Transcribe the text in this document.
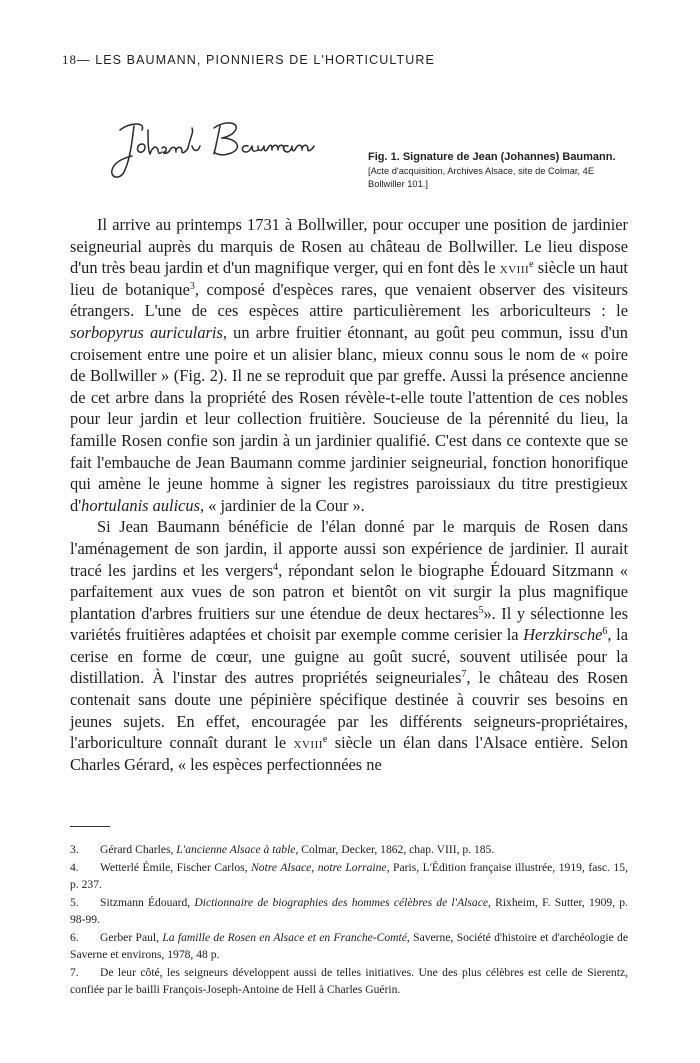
18— LES BAUMANN, PIONNIERS DE L'HORTICULTURE
Fig. 1. Signature de Jean (Johannes) Baumann.
[Acte d'acquisition, Archives Alsace, site de Colmar, 4E Bollwiller 101.]

Il arrive au printemps 1731 à Bollwiller, pour occuper une position de jardinier seigneurial auprès du marquis de Rosen au château de Bollwiller. Le lieu dispose d'un très beau jardin et d'un magnifique verger, qui en font dès le xviii$^e$ siècle un haut lieu de botanique$^3$, composé d'espèces rares, que venaient observer des visiteurs étrangers. L'une de ces espèces attire particulièrement les arboriculteurs : le sorbopyrus auricularis, un arbre fruitier étonnant, au goût peu commun, issu d'un croisement entre une poire et un alisier blanc, mieux connu sous le nom de « poire de Bollwiller » (Fig. 2). Il ne se reproduit que par greffe. Aussi la présence ancienne de cet arbre dans la propriété des Rosen révèle-t-elle toute l'attention de ces nobles pour leur jardin et leur collection fruitière. Soucieuse de la pérennité du lieu, la famille Rosen confie son jardin à un jardinier qualifié. C'est dans ce contexte que se fait l'embauche de Jean Baumann comme jardinier seigneurial, fonction honorifique qui amène le jeune homme à signer les registres paroissiaux du titre prestigieux d'hortulanis aulicus, « jardinier de la Cour ».

Si Jean Baumann bénéficie de l'élan donné par le marquis de Rosen dans l'aménagement de son jardin, il apporte aussi son expérience de jardinier. Il aurait tracé les jardins et les vergers$^4$, répondant selon le biographe Édouard Sitzmann « parfaitement aux vues de son patron et bientôt on vit surgir la plus magnifique plantation d'arbres fruitiers sur une étendue de deux hectares$^5$». Il y sélectionne les variétés fruitières adaptées et choisit par exemple comme cerisier la Herzkirsche$^6$, la cerise en forme de cœur, une guigne au goût sucré, souvent utilisée pour la distillation. À l'instar des autres propriétés seigneuriales$^7$, le château des Rosen contenait sans doute une pépinière spécifique destinée à couvrir ses besoins en jeunes sujets. En effet, encouragée par les différents seigneurs-propriétaires, l'arboriculture connaît durant le xviii$^e$ siècle un élan dans l'Alsace entière. Selon Charles Gérard, « les espèces perfectionnées ne

3. Gérard Charles, L'ancienne Alsace à table, Colmar, Decker, 1862, chap. VIII, p. 185.
4. Wetterlé Émile, Fischer Carlos, Notre Alsace, notre Lorraine, Paris, L'Édition française illustrée, 1919, fasc. 15, p. 237.
5. Sitzmann Édouard, Dictionnaire de biographies des hommes célèbres de l'Alsace, Rixheim, F. Sutter, 1909, p. 98-99.
6. Gerber Paul, La famille de Rosen en Alsace et en Franche-Comté, Saverne, Société d'histoire et d'archéologie de Saverne et environs, 1978, 48 p.
7. De leur côté, les seigneurs développent aussi de telles initiatives. Une des plus célèbres est celle de Sierentz, confiée par le bailli François-Joseph-Antoine de Hell à Charles Guérin.
